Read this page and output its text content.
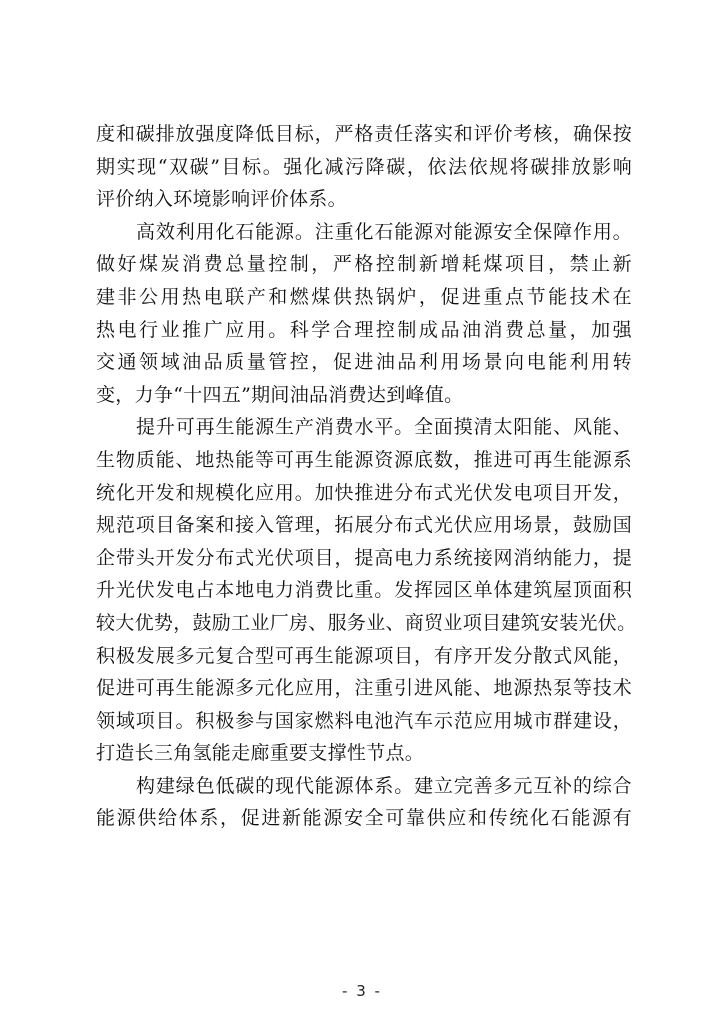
度和碳排放强度降低目标，严格责任落实和评价考核，确保按
期实现“双碳”目标。强化减污降碳，依法依规将碳排放影响
评价纳入环境影响评价体系。
高效利用化石能源。注重化石能源对能源安全保障作用。
做好煤炭消费总量控制，严格控制新增耗煤项目，禁止新
建非公用热电联产和燃煤供热锅炉，促进重点节能技术在
热电行业推广应用。科学合理控制成品油消费总量，加强
交通领域油品质量管控，促进油品利用场景向电能利用转
变，力争“十四五”期间油品消费达到峰值。
提升可再生能源生产消费水平。全面摸清太阳能、风能、
生物质能、地热能等可再生能源资源底数，推进可再生能源系
统化开发和规模化应用。加快推进分布式光伏发电项目开发，
规范项目备案和接入管理，拓展分布式光伏应用场景，鼓励国
企带头开发分布式光伏项目，提高电力系统接网消纳能力，提
升光伏发电占本地电力消费比重。发挥园区单体建筑屋顶面积
较大优势，鼓励工业厂房、服务业、商贸业项目建筑安装光伏。
积极发展多元复合型可再生能源项目，有序开发分散式风能，
促进可再生能源多元化应用，注重引进风能、地源热泵等技术
领域项目。积极参与国家燃料电池汽车示范应用城市群建设，
打造长三角氢能走廊重要支撑性节点。
构建绿色低碳的现代能源体系。建立完善多元互补的综合
能源供给体系，促进新能源安全可靠供应和传统化石能源有
- 3 -
